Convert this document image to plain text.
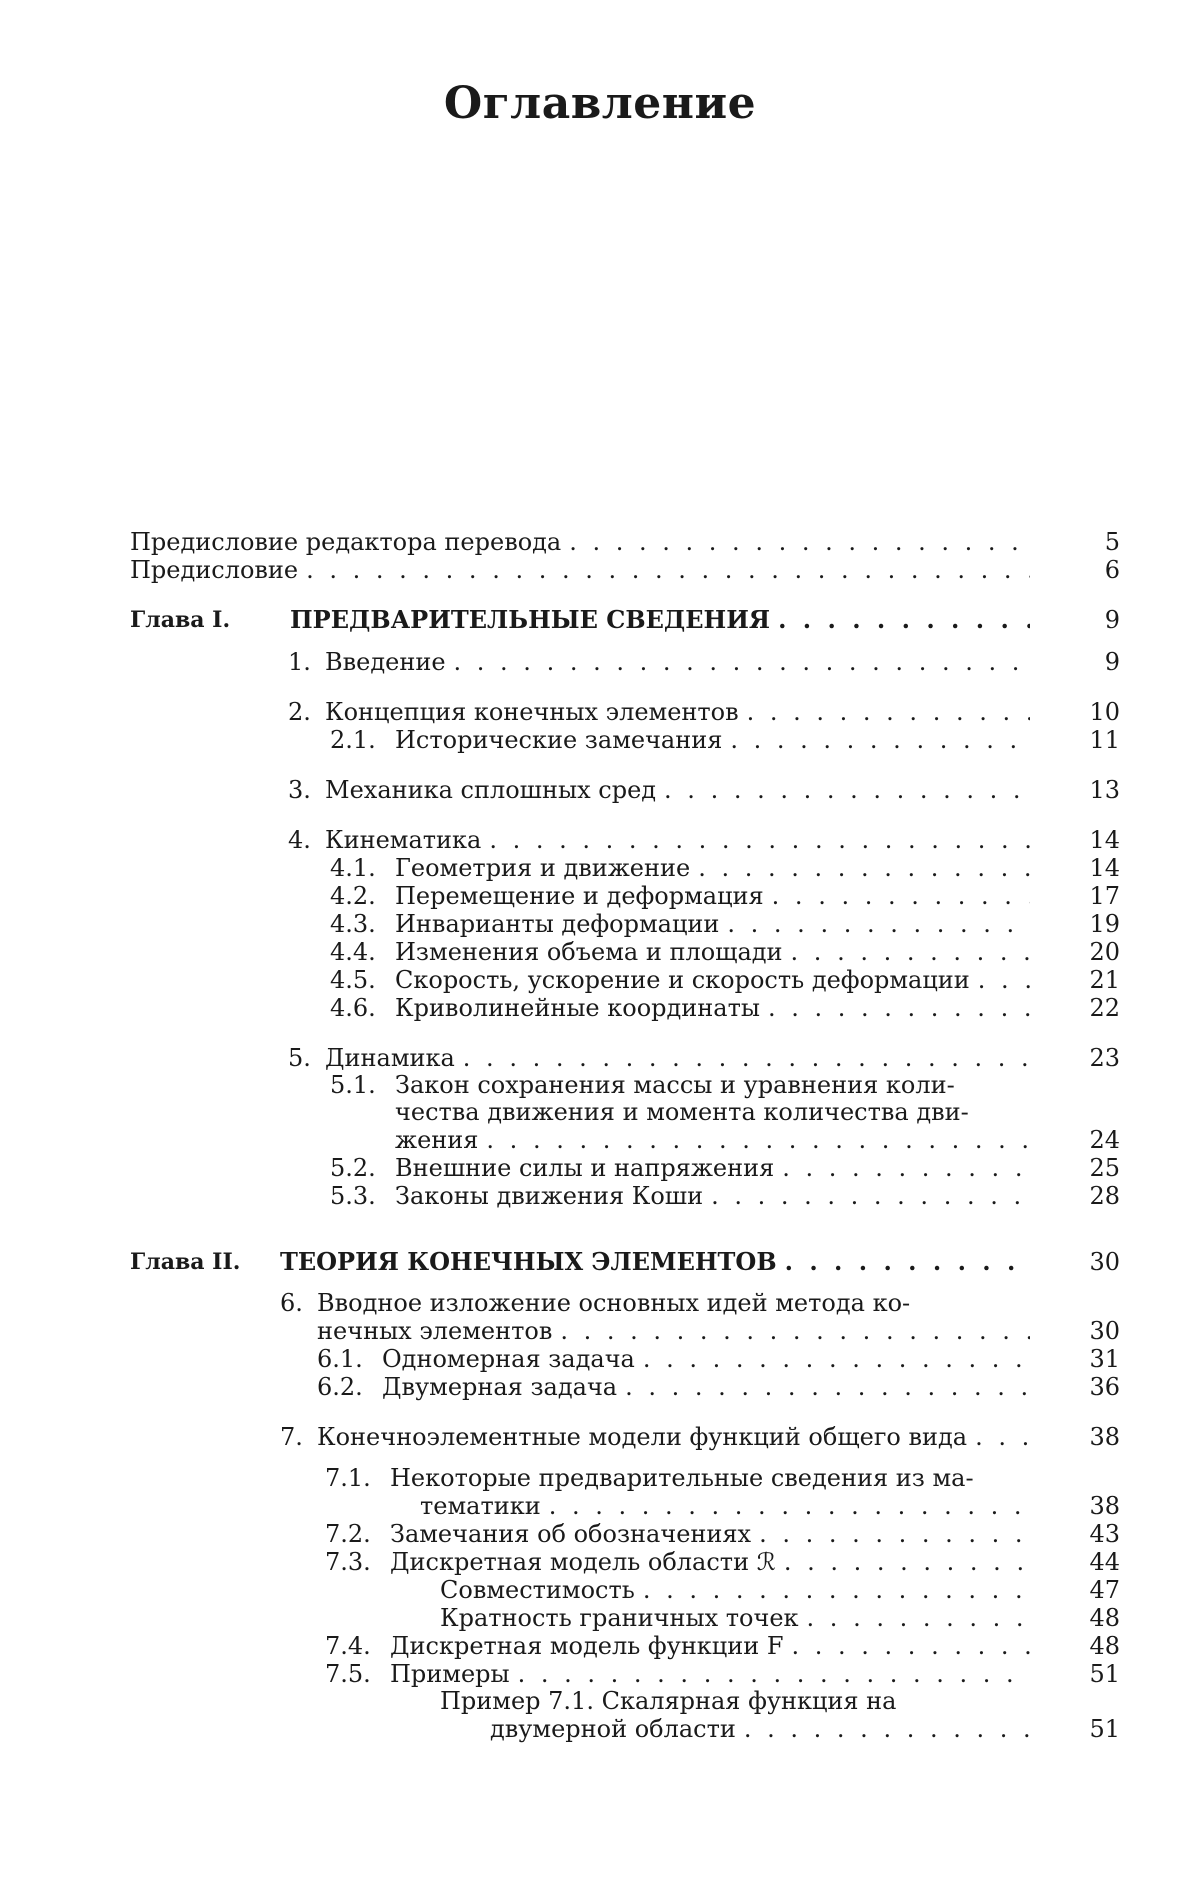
Оглавление
Предисловие редактора перевода . . .	5
Предисловие . . .	6
Глава I. ПРЕДВАРИТЕЛЬНЫЕ СВЕДЕНИЯ . . .	9
1. Введение . . .	9
2. Концепция конечных элементов . . .	10
2.1. Исторические замечания . . .	11
3. Механика сплошных сред . . .	13
4. Кинематика . . .	14
4.1. Геометрия и движение . . .	14
4.2. Перемещение и деформация . . .	17
4.3. Инварианты деформации . . .	19
4.4. Изменения объема и площади . . .	20
4.5. Скорость, ускорение и скорость деформации . . .	21
4.6. Криволинейные координаты . . .	22
5. Динамика . . .	23
5.1. Закон сохранения массы и уравнения коли-
чества движения и момента количества дви-
жения . . .	24
5.2. Внешние силы и напряжения . . .	25
5.3. Законы движения Коши . . .	28
Глава II. ТЕОРИЯ КОНЕЧНЫХ ЭЛЕМЕНТОВ . . .	30
6. Вводное изложение основных идей метода ко-
нечных элементов . . .	30
6.1. Одномерная задача . . .	31
6.2. Двумерная задача . . .	36
7. Конечноэлементные модели функций общего вида . . .	38
7.1. Некоторые предварительные сведения из ма-
тематики . . .	38
7.2. Замечания об обозначениях . . .	43
7.3. Дискретная модель области ℛ . . .	44
Совместимость . . .	47
Кратность граничных точек . . .	48
7.4. Дискретная модель функции F . . .	48
7.5. Примеры . . .	51
Пример 7.1. Скалярная функция на
двумерной области . . .	51
